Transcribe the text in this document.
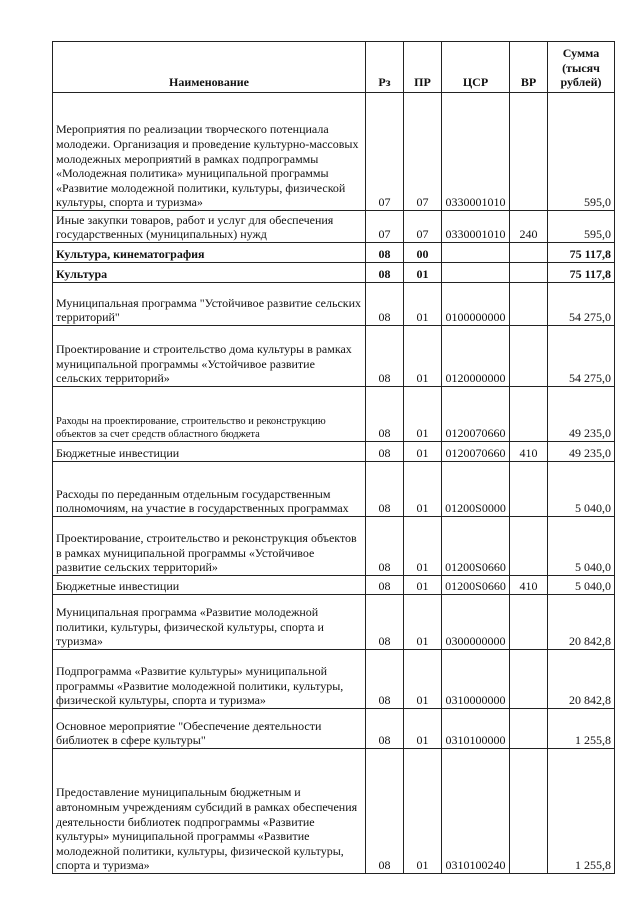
Наименование	Рз	ПР	ЦСР	ВР	Сумма (тысяч рублей)
Мероприятия по реализации творческого потенциала молодежи. Организация и проведение культурно-массовых молодежных мероприятий в рамках подпрограммы «Молодежная политика» муниципальной программы «Развитие молодежной политики, культуры, физической культуры, спорта и туризма»	07	07	0330001010		595,0
Иные закупки товаров, работ и услуг для обеспечения государственных (муниципальных) нужд	07	07	0330001010	240	595,0
Культура, кинематография	08	00			75 117,8
Культура	08	01			75 117,8
Муниципальная программа "Устойчивое развитие сельских территорий"	08	01	0100000000		54 275,0
Проектирование и строительство дома культуры в рамках муниципальной программы «Устойчивое развитие сельских территорий»	08	01	0120000000		54 275,0
Раходы на проектирование, строительство и реконструкцию объектов за счет средств областного бюджета	08	01	0120070660		49 235,0
Бюджетные инвестиции	08	01	0120070660	410	49 235,0
Расходы по переданным отдельным государственным полномочиям, на участие в государственных программах	08	01	01200S0000		5 040,0
Проектирование, строительство и реконструкция объектов в рамках муниципальной программы «Устойчивое развитие сельских территорий»	08	01	01200S0660		5 040,0
Бюджетные инвестиции	08	01	01200S0660	410	5 040,0
Муниципальная программа «Развитие молодежной политики, культуры, физической культуры, спорта и туризма»	08	01	0300000000		20 842,8
Подпрограмма «Развитие культуры» муниципальной программы «Развитие молодежной политики, культуры, физической культуры, спорта и туризма»	08	01	0310000000		20 842,8
Основное мероприятие "Обеспечение деятельности библиотек в сфере культуры"	08	01	0310100000		1 255,8
Предоставление муниципальным бюджетным и автономным учреждениям субсидий в рамках обеспечения деятельности библиотек подпрограммы «Развитие культуры» муниципальной программы «Развитие молодежной политики, культуры, физической культуры, спорта и туризма»	08	01	0310100240		1 255,8
